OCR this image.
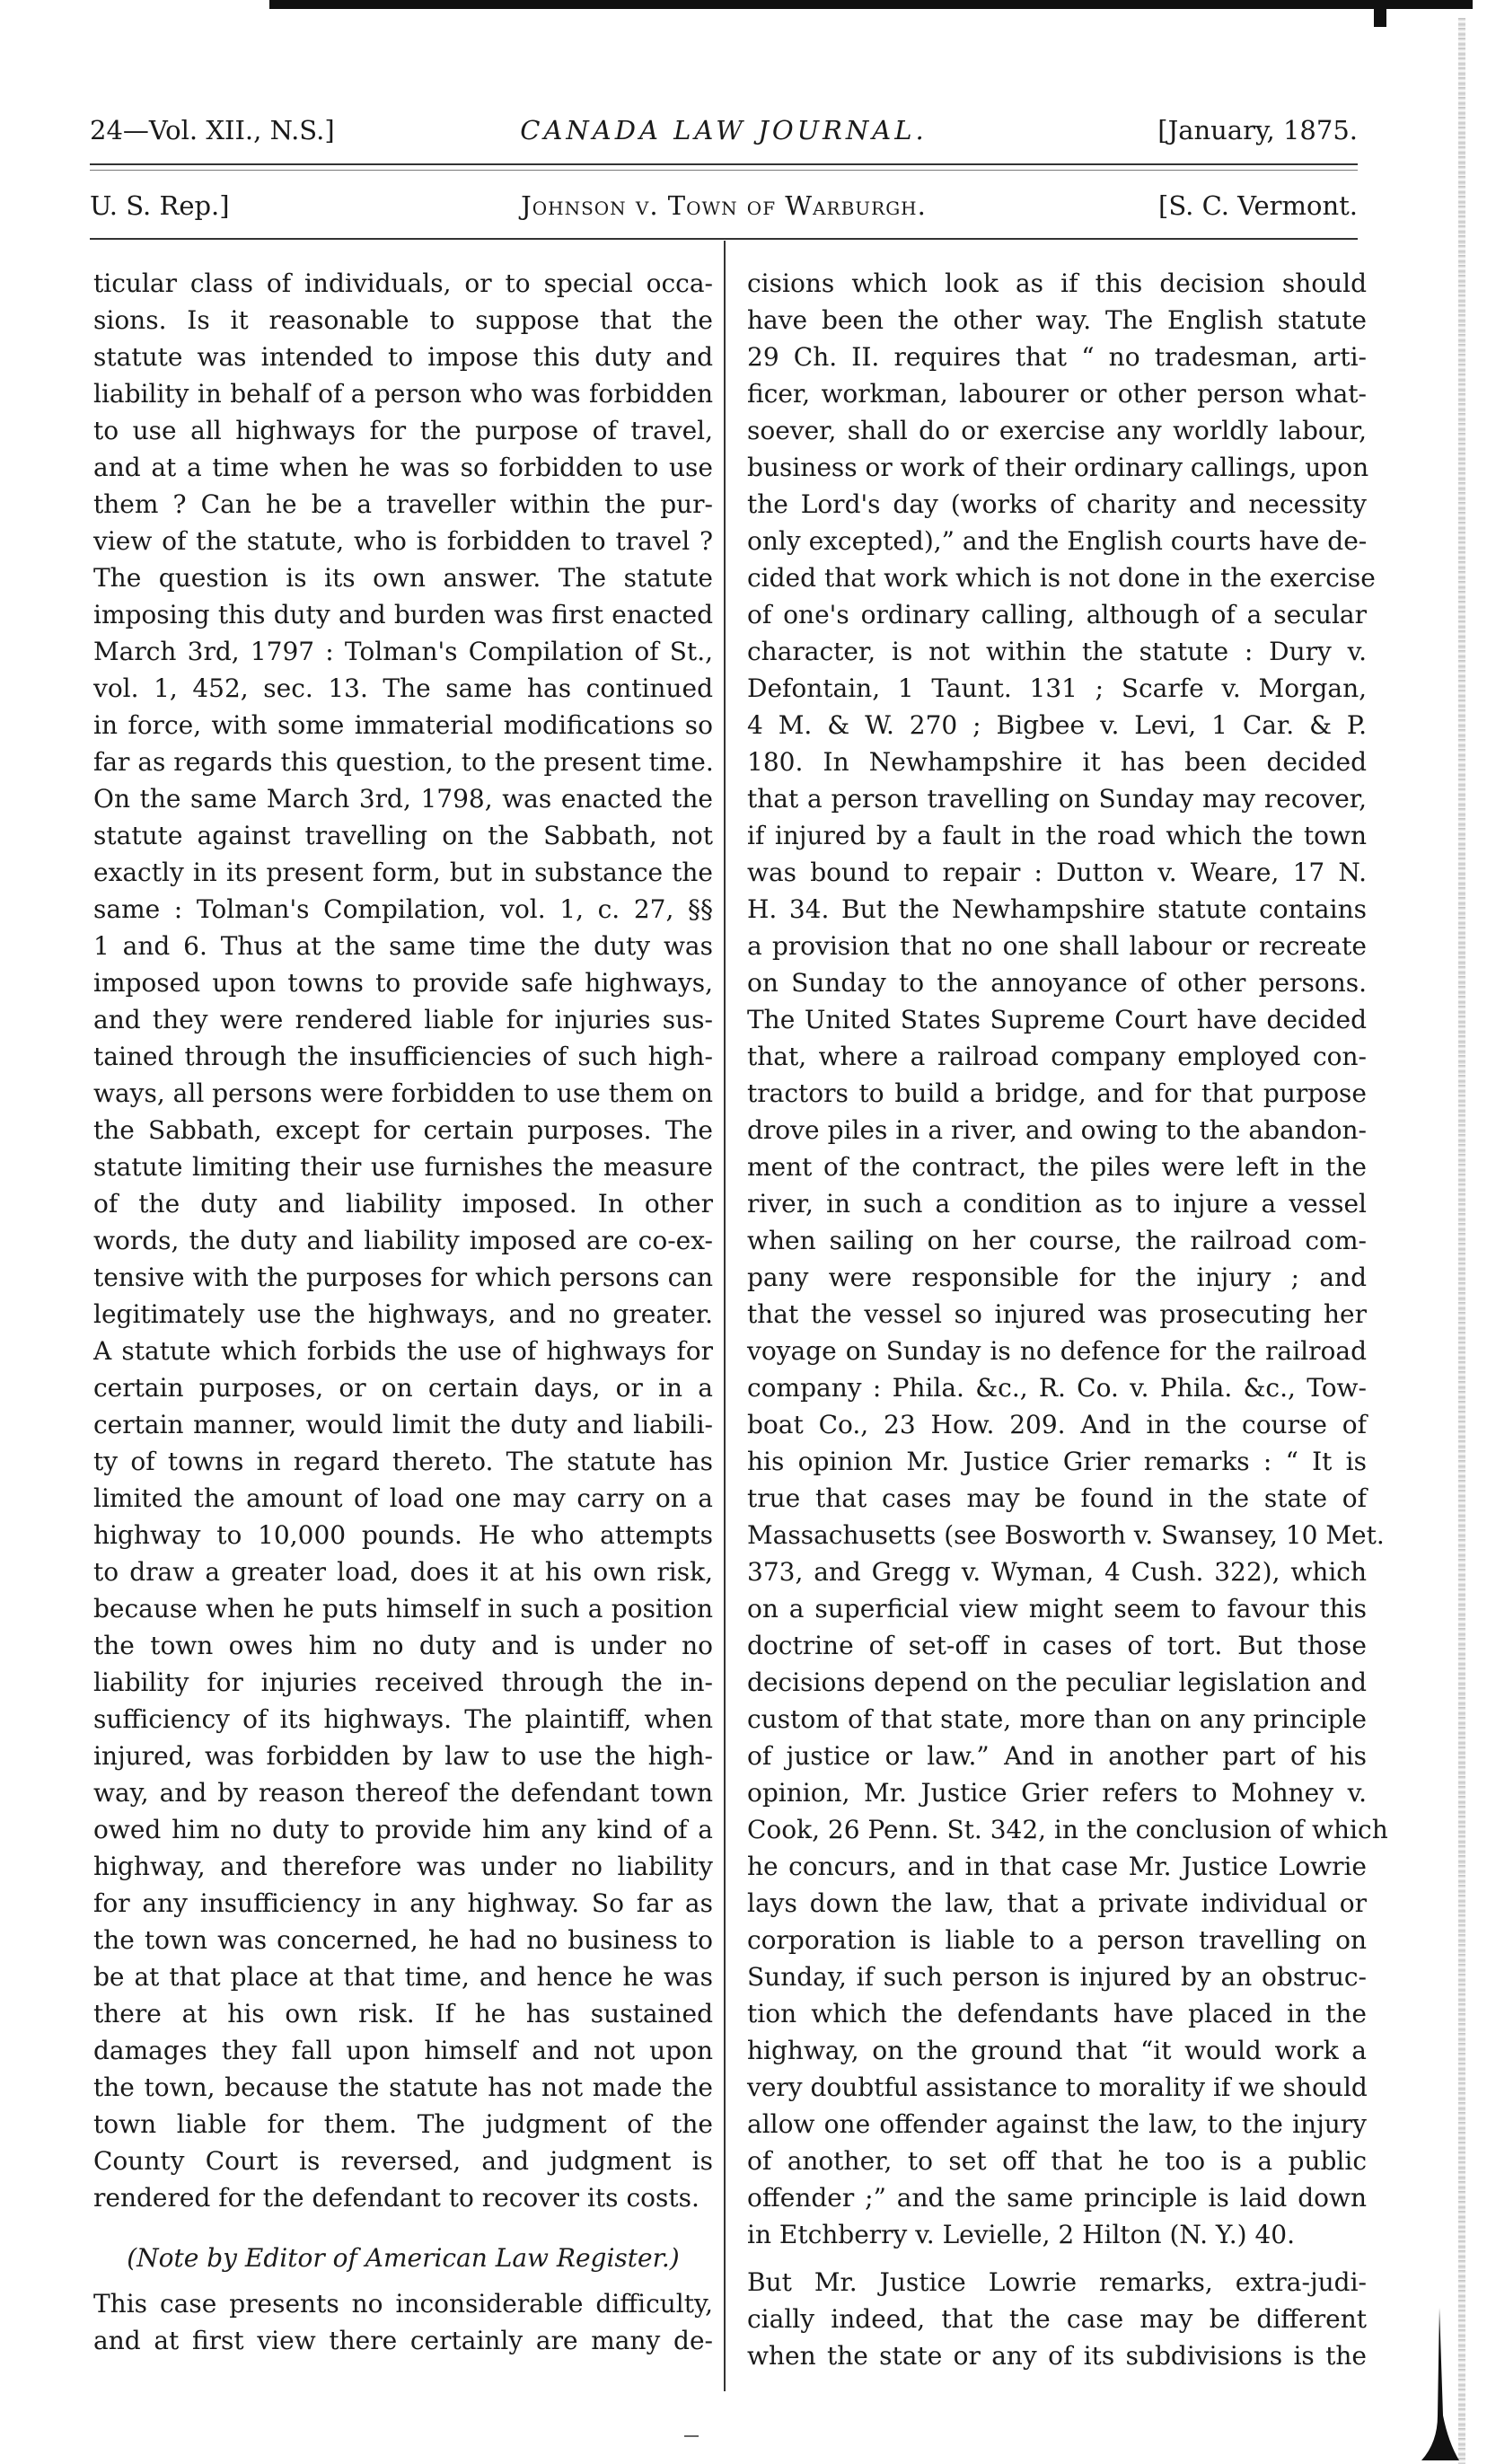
24—Vol. XII., N.S.]	CANADA LAW JOURNAL.	[January, 1875.
U. S. Rep.]	Johnson v. Town of Warburgh.	[S. C. Vermont.
ticular class of individuals, or to special occa-
sions. Is it reasonable to suppose that the
statute was intended to impose this duty and
liability in behalf of a person who was forbidden
to use all highways for the purpose of travel,
and at a time when he was so forbidden to use
them ? Can he be a traveller within the pur-
view of the statute, who is forbidden to travel ?
The question is its own answer. The statute
imposing this duty and burden was first enacted
March 3rd, 1797 : Tolman's Compilation of St.,
vol. 1, 452, sec. 13. The same has continued
in force, with some immaterial modifications so
far as regards this question, to the present time.
On the same March 3rd, 1798, was enacted the
statute against travelling on the Sabbath, not
exactly in its present form, but in substance the
same : Tolman's Compilation, vol. 1, c. 27, §§
1 and 6. Thus at the same time the duty was
imposed upon towns to provide safe highways,
and they were rendered liable for injuries sus-
tained through the insufficiencies of such high-
ways, all persons were forbidden to use them on
the Sabbath, except for certain purposes. The
statute limiting their use furnishes the measure
of the duty and liability imposed. In other
words, the duty and liability imposed are co-ex-
tensive with the purposes for which persons can
legitimately use the highways, and no greater.
A statute which forbids the use of highways for
certain purposes, or on certain days, or in a
certain manner, would limit the duty and liabili-
ty of towns in regard thereto. The statute has
limited the amount of load one may carry on a
highway to 10,000 pounds. He who attempts
to draw a greater load, does it at his own risk,
because when he puts himself in such a position
the town owes him no duty and is under no
liability for injuries received through the in-
sufficiency of its highways. The plaintiff, when
injured, was forbidden by law to use the high-
way, and by reason thereof the defendant town
owed him no duty to provide him any kind of a
highway, and therefore was under no liability
for any insufficiency in any highway. So far as
the town was concerned, he had no business to
be at that place at that time, and hence he was
there at his own risk. If he has sustained
damages they fall upon himself and not upon
the town, because the statute has not made the
town liable for them. The judgment of the
County Court is reversed, and judgment is
rendered for the defendant to recover its costs.
(Note by Editor of American Law Register.)
This case presents no inconsiderable difficulty,
and at first view there certainly are many de-
cisions which look as if this decision should
have been the other way. The English statute
29 Ch. II. requires that “ no tradesman, arti-
ficer, workman, labourer or other person what-
soever, shall do or exercise any worldly labour,
business or work of their ordinary callings, upon
the Lord's day (works of charity and necessity
only excepted),” and the English courts have de-
cided that work which is not done in the exercise
of one's ordinary calling, although of a secular
character, is not within the statute : Dury v.
Defontain, 1 Taunt. 131 ; Scarfe v. Morgan,
4 M. & W. 270 ; Bigbee v. Levi, 1 Car. & P.
180. In Newhampshire it has been decided
that a person travelling on Sunday may recover,
if injured by a fault in the road which the town
was bound to repair : Dutton v. Weare, 17 N.
H. 34. But the Newhampshire statute contains
a provision that no one shall labour or recreate
on Sunday to the annoyance of other persons.
The United States Supreme Court have decided
that, where a railroad company employed con-
tractors to build a bridge, and for that purpose
drove piles in a river, and owing to the abandon-
ment of the contract, the piles were left in the
river, in such a condition as to injure a vessel
when sailing on her course, the railroad com-
pany were responsible for the injury ; and
that the vessel so injured was prosecuting her
voyage on Sunday is no defence for the railroad
company : Phila. &c., R. Co. v. Phila. &c., Tow-
boat Co., 23 How. 209. And in the course of
his opinion Mr. Justice Grier remarks : “ It is
true that cases may be found in the state of
Massachusetts (see Bosworth v. Swansey, 10 Met.
373, and Gregg v. Wyman, 4 Cush. 322), which
on a superficial view might seem to favour this
doctrine of set-off in cases of tort. But those
decisions depend on the peculiar legislation and
custom of that state, more than on any principle
of justice or law.” And in another part of his
opinion, Mr. Justice Grier refers to Mohney v.
Cook, 26 Penn. St. 342, in the conclusion of which
he concurs, and in that case Mr. Justice Lowrie
lays down the law, that a private individual or
corporation is liable to a person travelling on
Sunday, if such person is injured by an obstruc-
tion which the defendants have placed in the
highway, on the ground that “it would work a
very doubtful assistance to morality if we should
allow one offender against the law, to the injury
of another, to set off that he too is a public
offender ;” and the same principle is laid down
in Etchberry v. Levielle, 2 Hilton (N. Y.) 40.
But Mr. Justice Lowrie remarks, extra-judi-
cially indeed, that the case may be different
when the state or any of its subdivisions is the
